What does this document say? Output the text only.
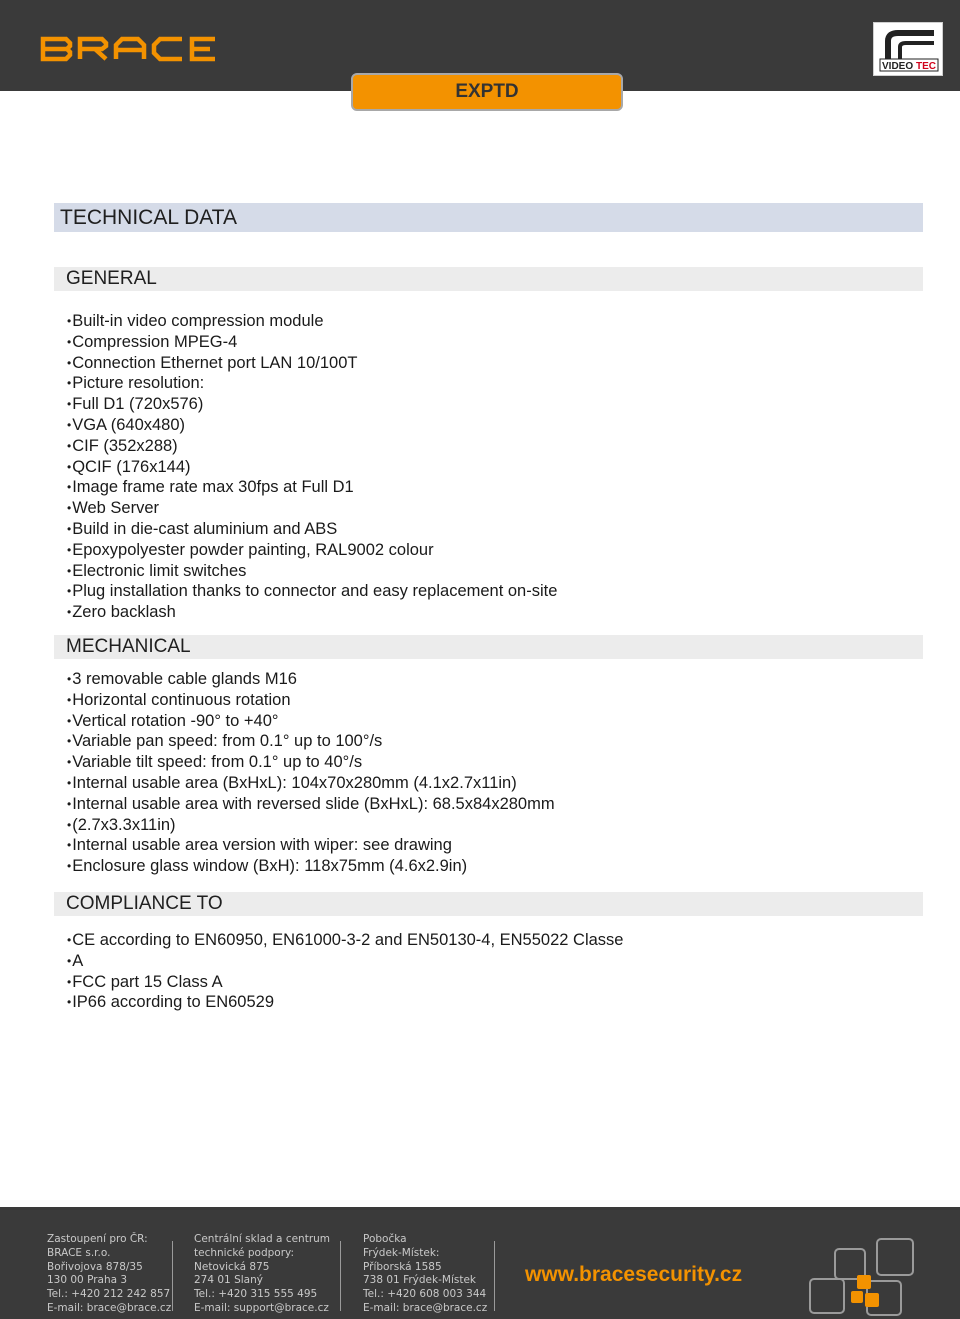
VIDEO TEC
EXPTD
TECHNICAL DATA
GENERAL
• Built-in video compression module
• Compression MPEG-4
• Connection Ethernet port LAN 10/100T
• Picture resolution:
• Full D1 (720x576)
• VGA (640x480)
• CIF (352x288)
• QCIF (176x144)
• Image frame rate max 30fps at Full D1
• Web Server
• Build in die-cast aluminium and ABS
• Epoxypolyester powder painting, RAL9002 colour
• Electronic limit switches
• Plug installation thanks to connector and easy replacement on-site
• Zero backlash
MECHANICAL
• 3 removable cable glands M16
• Horizontal continuous rotation
• Vertical rotation -90° to +40°
• Variable pan speed: from 0.1° up to 100°/s
• Variable tilt speed: from 0.1° up to 40°/s
• Internal usable area (BxHxL): 104x70x280mm (4.1x2.7x11in)
• Internal usable area with reversed slide (BxHxL): 68.5x84x280mm
• (2.7x3.3x11in)
• Internal usable area version with wiper: see drawing
• Enclosure glass window (BxH): 118x75mm (4.6x2.9in)
COMPLIANCE TO
• CE according to EN60950, EN61000-3-2 and EN50130-4, EN55022 Classe
• A
• FCC part 15 Class A
• IP66 according to EN60529
Zastoupení pro ČR:
BRACE s.r.o.
Bořivojova 878/35
130 00 Praha 3
Tel.: +420 212 242 857
E-mail: brace@brace.cz
Centrální sklad a centrum
technické podpory:
Netovická 875
274 01 Slaný
Tel.: +420 315 555 495
E-mail: support@brace.cz
Pobočka
Frýdek-Místek:
Příborská 1585
738 01 Frýdek-Místek
Tel.: +420 608 003 344
E-mail: brace@brace.cz
www.bracesecurity.cz
